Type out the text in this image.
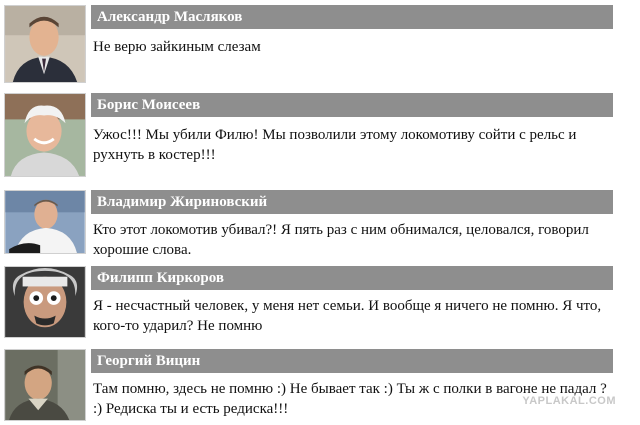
Александр Масляков
Не верю зайкиным слезам
Борис Моисеев
Ужос!!! Мы убили Филю! Мы позволили этому локомотиву сойти с рельс и рухнуть в костер!!!
Владимир Жириновский
Кто этот локомотив убивал?! Я пять раз с ним обнимался, целовался, говорил хорошие слова.
Филипп Киркоров
Я - несчастный человек, у меня нет семьи. И вообще я ничего не помню. Я что, кого-то ударил? Не помню
Георгий Вицин
Там помню, здесь не помню :) Не бывает так :) Ты ж с полки в вагоне не падал ? :) Редиска ты и есть редиска!!!	YAPLAKAL.COM
